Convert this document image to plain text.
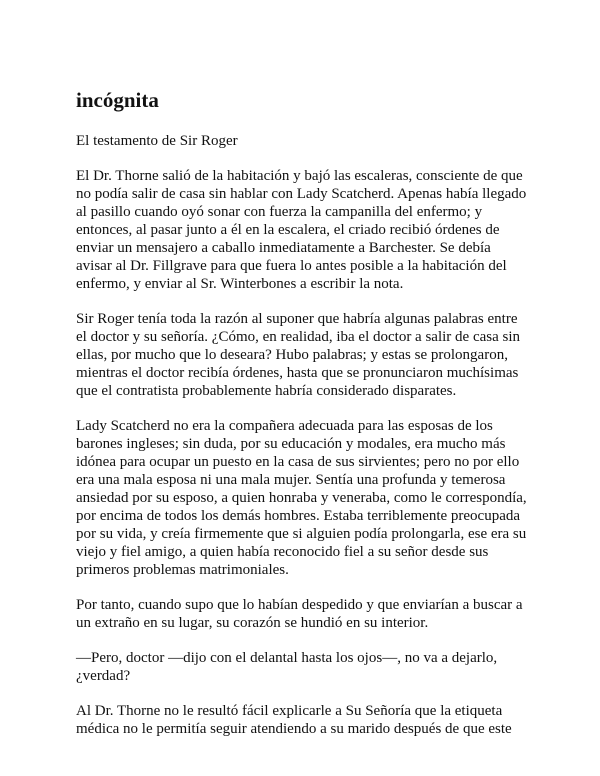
incógnita

El testamento de Sir Roger

El Dr. Thorne salió de la habitación y bajó las escaleras, consciente de que no podía salir de casa sin hablar con Lady Scatcherd. Apenas había llegado al pasillo cuando oyó sonar con fuerza la campanilla del enfermo; y entonces, al pasar junto a él en la escalera, el criado recibió órdenes de enviar un mensajero a caballo inmediatamente a Barchester. Se debía avisar al Dr. Fillgrave para que fuera lo antes posible a la habitación del enfermo, y enviar al Sr. Winterbones a escribir la nota.

Sir Roger tenía toda la razón al suponer que habría algunas palabras entre el doctor y su señoría. ¿Cómo, en realidad, iba el doctor a salir de casa sin ellas, por mucho que lo deseara? Hubo palabras; y estas se prolongaron, mientras el doctor recibía órdenes, hasta que se pronunciaron muchísimas que el contratista probablemente habría considerado disparates.

Lady Scatcherd no era la compañera adecuada para las esposas de los barones ingleses; sin duda, por su educación y modales, era mucho más idónea para ocupar un puesto en la casa de sus sirvientes; pero no por ello era una mala esposa ni una mala mujer. Sentía una profunda y temerosa ansiedad por su esposo, a quien honraba y veneraba, como le correspondía, por encima de todos los demás hombres. Estaba terriblemente preocupada por su vida, y creía firmemente que si alguien podía prolongarla, ese era su viejo y fiel amigo, a quien había reconocido fiel a su señor desde sus primeros problemas matrimoniales.

Por tanto, cuando supo que lo habían despedido y que enviarían a buscar a un extraño en su lugar, su corazón se hundió en su interior.

—Pero, doctor —dijo con el delantal hasta los ojos—, no va a dejarlo, ¿verdad?

Al Dr. Thorne no le resultó fácil explicarle a Su Señoría que la etiqueta médica no le permitía seguir atendiendo a su marido después de que este
